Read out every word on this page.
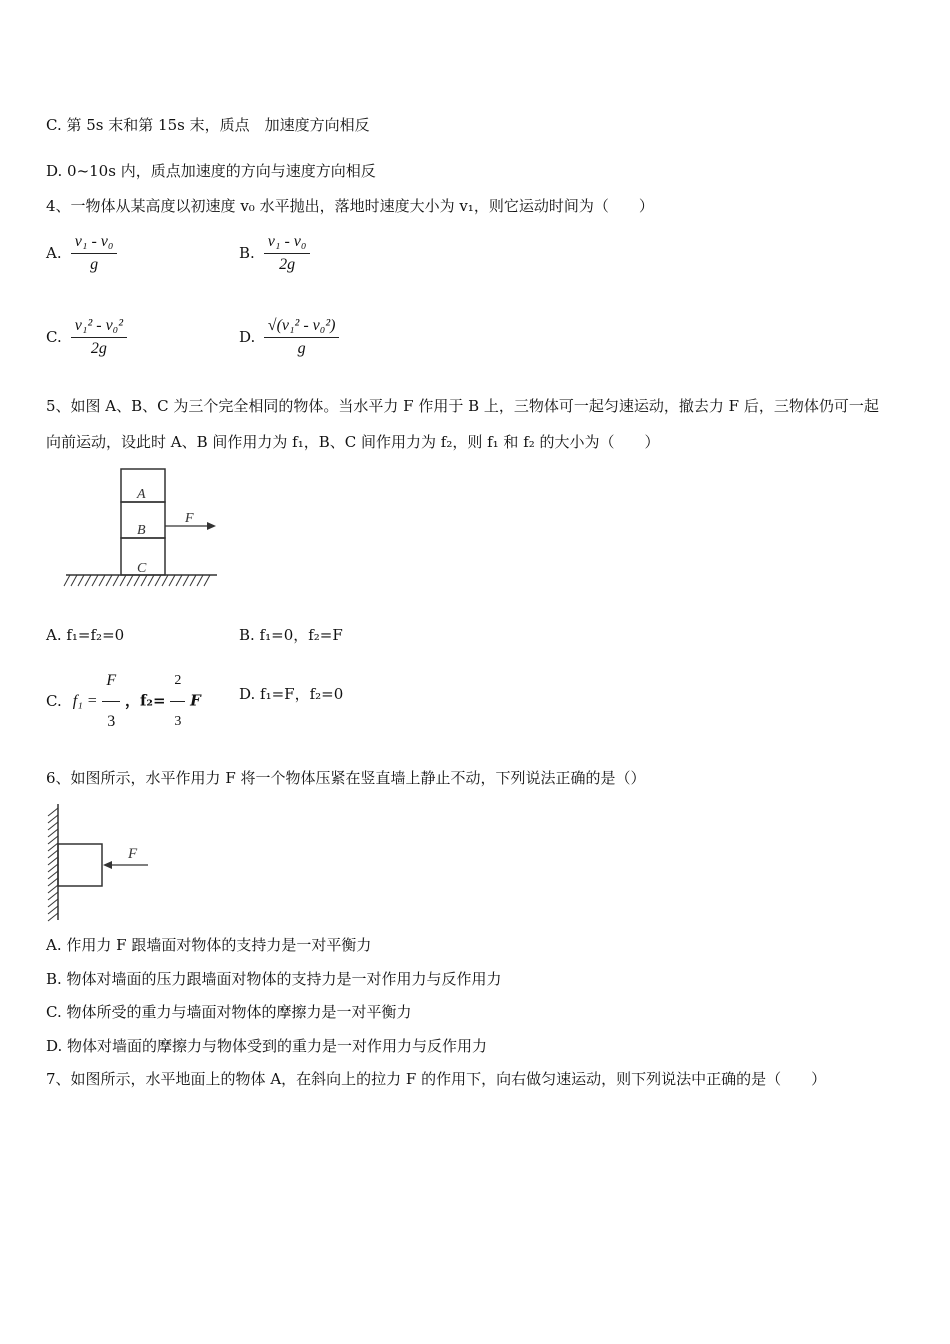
C. 第 5s 末和第 15s 末，质点　加速度方向相反
D. 0~10s 内，质点加速度的方向与速度方向相反
4、一物体从某高度以初速度 v₀ 水平抛出，落地时速度大小为 v₁，则它运动时间为（　　）
A. $\frac{\text{v₁ - v₀}}{g}$	B. $\frac{\text{v₁ - v₀}}{2g}$
C. $\frac{\text{v₁² - v₀²}}{2g}$	D. $\frac{\text{√(v₁² - v₀²)}}{g}$
5、如图 A、B、C 为三个完全相同的物体。当水平力 F 作用于 B 上，三物体可一起匀速运动，撤去力 F 后，三物体仍可一起
向前运动，设此时 A、B 间作用力为 f₁，B、C 间作用力为 f₂，则 f₁ 和 f₂ 的大小为（　　）
A
B
C
F
A. f₁=f₂=0	B. f₁=0，f₂=F
C. $f_1 = \frac{F}{3}$ ，$f_2= \frac{2}{3}$ F	D. f₁=F，f₂=0
6、如图所示，水平作用力 F 将一个物体压紧在竖直墙上静止不动，下列说法正确的是（）
F
A. 作用力 F 跟墙面对物体的支持力是一对平衡力
B. 物体对墙面的压力跟墙面对物体的支持力是一对作用力与反作用力
C. 物体所受的重力与墙面对物体的摩擦力是一对平衡力
D. 物体对墙面的摩擦力与物体受到的重力是一对作用力与反作用力
7、如图所示，水平地面上的物体 A，在斜向上的拉力 F 的作用下，向右做匀速运动，则下列说法中正确的是（　　）
